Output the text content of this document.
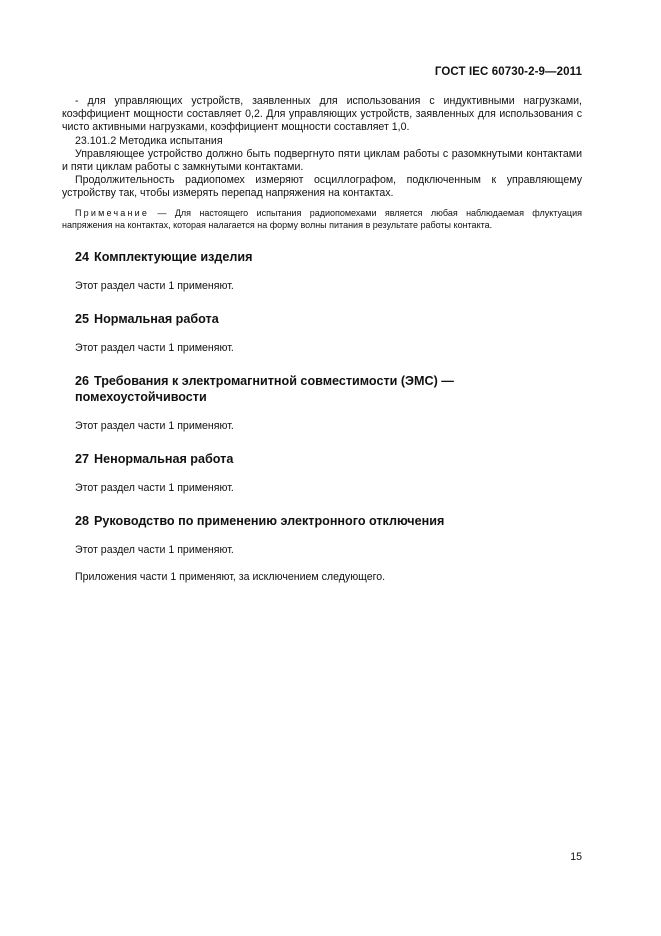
ГОСТ IEC 60730-2-9—2011

- для управляющих устройств, заявленных для использования с индуктивными нагрузками, коэффициент мощности составляет 0,2. Для управляющих устройств, заявленных для использования с чисто активными нагрузками, коэффициент мощности составляет 1,0.

23.101.2 Методика испытания

Управляющее устройство должно быть подвергнуто пяти циклам работы с разомкнутыми контактами и пяти циклам работы с замкнутыми контактами.

Продолжительность радиопомех измеряют осциллографом, подключенным к управляющему устройству так, чтобы измерять перепад напряжения на контактах.

Примечание — Для настоящего испытания радиопомехами является любая наблюдаемая флуктуация напряжения на контактах, которая налагается на форму волны питания в результате работы контакта.

24 Комплектующие изделия

Этот раздел части 1 применяют.

25 Нормальная работа

Этот раздел части 1 применяют.

26 Требования к электромагнитной совместимости (ЭМС) — помехоустойчивости

Этот раздел части 1 применяют.

27 Ненормальная работа

Этот раздел части 1 применяют.

28 Руководство по применению электронного отключения

Этот раздел части 1 применяют.

Приложения части 1 применяют, за исключением следующего.

15
